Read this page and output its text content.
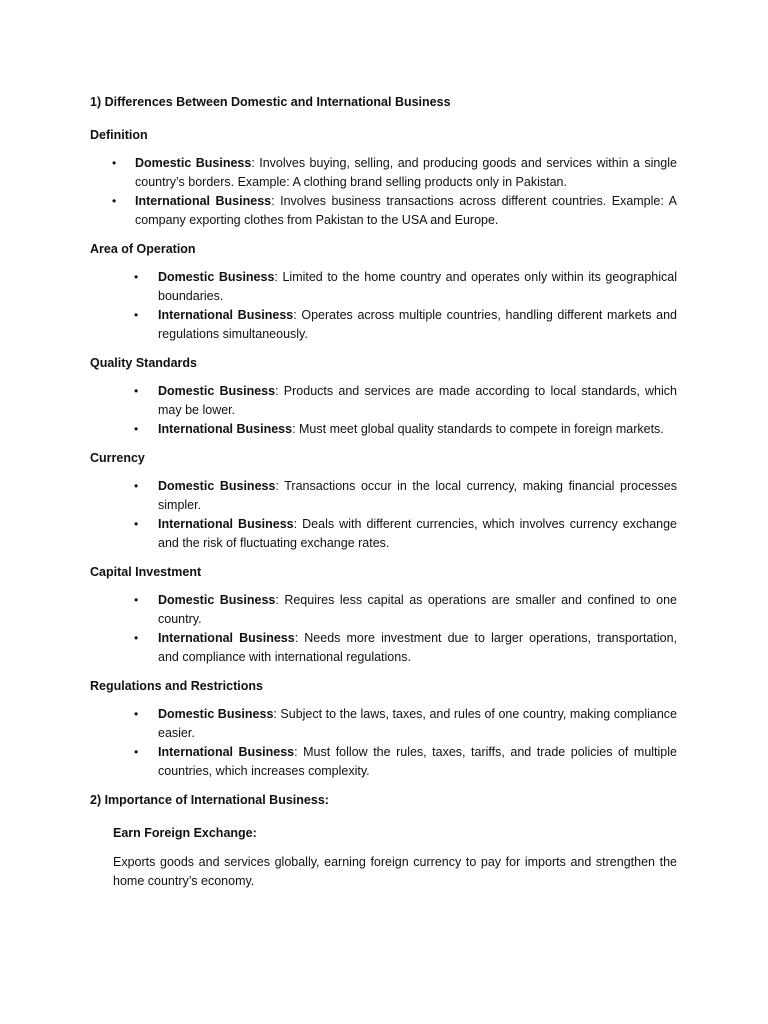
1) Differences Between Domestic and International Business

Definition

• Domestic Business: Involves buying, selling, and producing goods and services within a single country’s borders. Example: A clothing brand selling products only in Pakistan.
• International Business: Involves business transactions across different countries. Example: A company exporting clothes from Pakistan to the USA and Europe.

Area of Operation

• Domestic Business: Limited to the home country and operates only within its geographical boundaries.
• International Business: Operates across multiple countries, handling different markets and regulations simultaneously.

Quality Standards

• Domestic Business: Products and services are made according to local standards, which may be lower.
• International Business: Must meet global quality standards to compete in foreign markets.

Currency

• Domestic Business: Transactions occur in the local currency, making financial processes simpler.
• International Business: Deals with different currencies, which involves currency exchange and the risk of fluctuating exchange rates.

Capital Investment

• Domestic Business: Requires less capital as operations are smaller and confined to one country.
• International Business: Needs more investment due to larger operations, transportation, and compliance with international regulations.

Regulations and Restrictions

• Domestic Business: Subject to the laws, taxes, and rules of one country, making compliance easier.
• International Business: Must follow the rules, taxes, tariffs, and trade policies of multiple countries, which increases complexity.

2) Importance of International Business:

Earn Foreign Exchange:

Exports goods and services globally, earning foreign currency to pay for imports and strengthen the home country’s economy.
